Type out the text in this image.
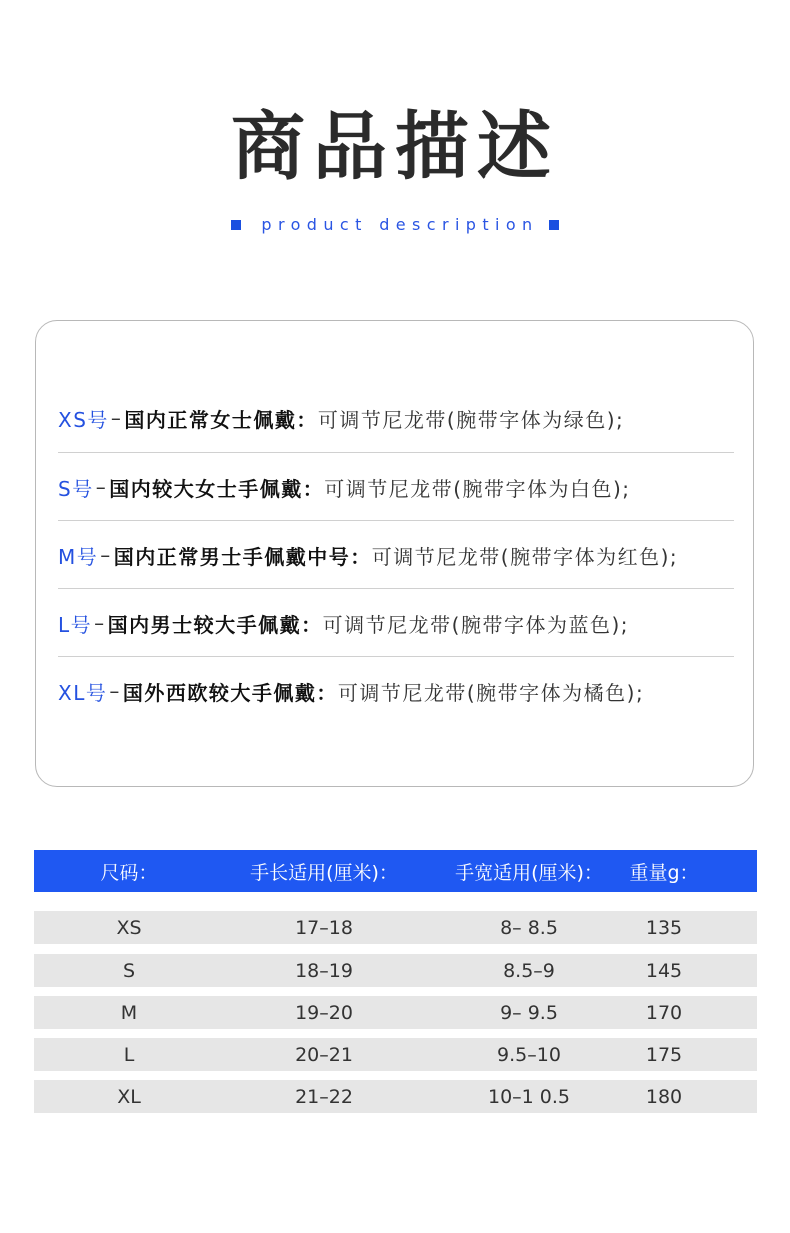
商品描述
product description
XS号 – 国内正常女士佩戴： 可调节尼龙带(腕带字体为绿色);
S号 – 国内较大女士手佩戴： 可调节尼龙带(腕带字体为白色);
M号 – 国内正常男士手佩戴中号： 可调节尼龙带(腕带字体为红色);
L号 – 国内男士较大手佩戴： 可调节尼龙带(腕带字体为蓝色);
XL号 – 国外西欧较大手佩戴： 可调节尼龙带(腕带字体为橘色);
尺码：	手长适用(厘米)：	手宽适用(厘米)：	重量g：
XS	17–18	8– 8.5	135
S	18–19	8.5–9	145
M	19–20	9– 9.5	170
L	20–21	9.5–10	175
XL	21–22	10–1 0.5	180
